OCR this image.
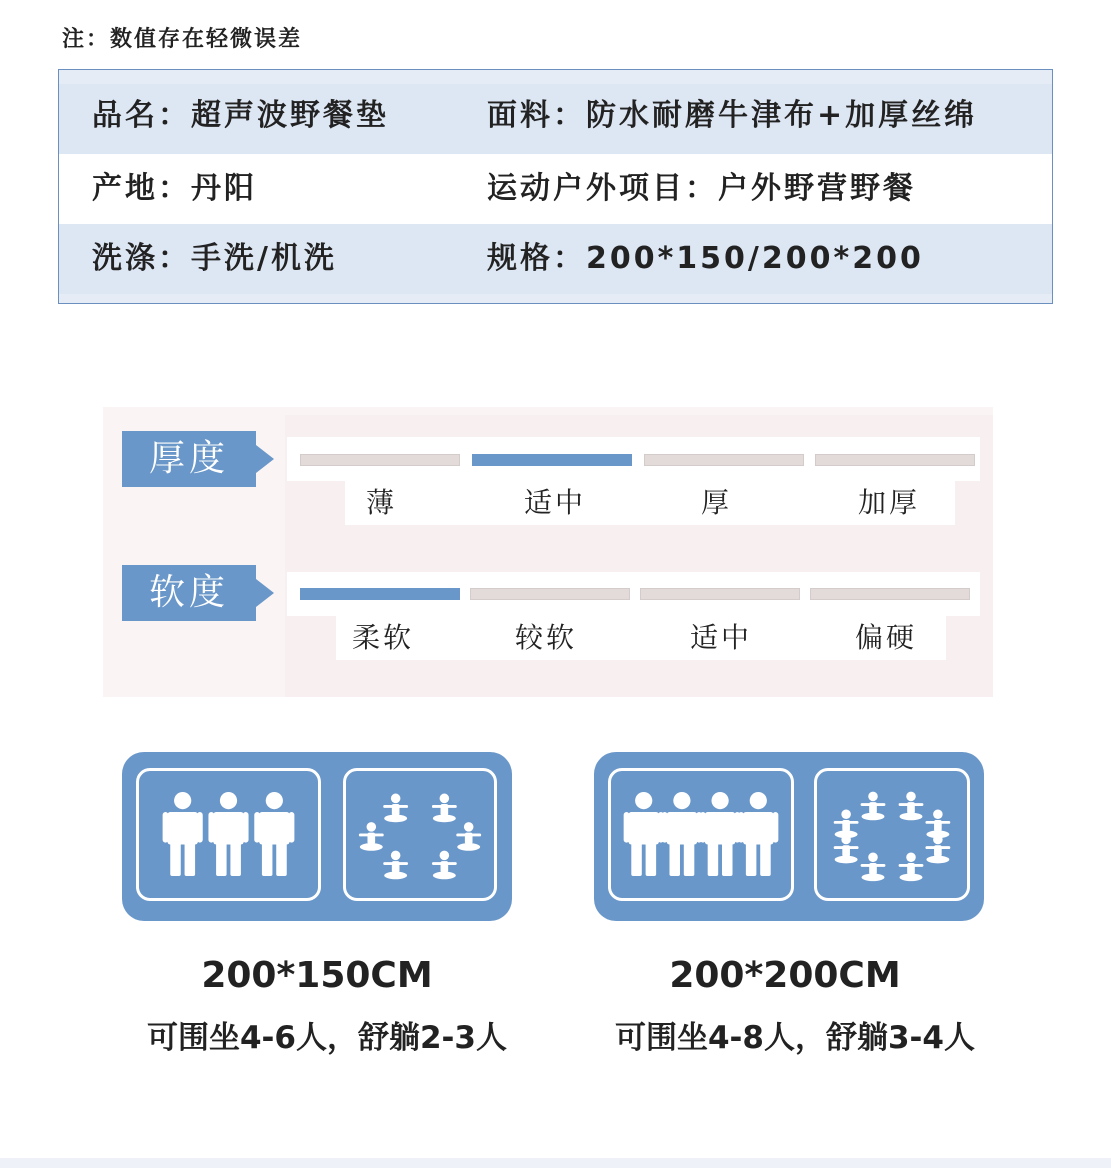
注：数值存在轻微误差
品名：超声波野餐垫	面料：防水耐磨牛津布+加厚丝绵
产地：丹阳	运动户外项目：户外野营野餐
洗涤：手洗/机洗	规格：200*150/200*200
厚度
薄	适中	厚	加厚
软度
柔软	较软	适中	偏硬
200*150CM
可围坐4-6人，舒躺2-3人
200*200CM
可围坐4-8人，舒躺3-4人
